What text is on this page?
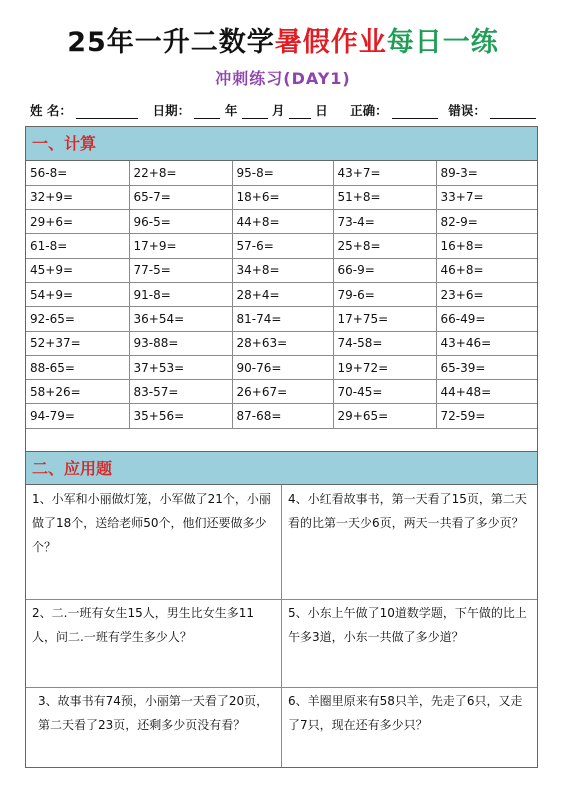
25年一升二数学暑假作业每日一练
冲刺练习(DAY1)
姓 名：	日期：	年	月 日 正确：	错误：
一、计算
56-8=	22+8=	95-8=	43+7=	89-3=
32+9=	65-7=	18+6=	51+8=	33+7=
29+6=	96-5=	44+8=	73-4=	82-9=
61-8=	17+9=	57-6=	25+8=	16+8=
45+9=	77-5=	34+8=	66-9=	46+8=
54+9=	91-8=	28+4=	79-6=	23+6=
92-65=	36+54=	81-74=	17+75=	66-49=
52+37=	93-88=	28+63=	74-58=	43+46=
88-65=	37+53=	90-76=	19+72=	65-39=
58+26=	83-57=	26+67=	70-45=	44+48=
94-79=	35+56=	87-68=	29+65=	72-59=
二、应用题
1、小军和小丽做灯笼，小军做了21个，小丽做了18个，送给老师50个，他们还要做多少个？
4、小红看故事书，第一天看了15页，第二天看的比第一天少6页，两天一共看了多少页？
2、二.一班有女生15人，男生比女生多11人，问二.一班有学生多少人？
5、小东上午做了10道数学题，下午做的比上午多3道，小东一共做了多少道？
3、故事书有74预，小丽第一天看了20页，第二天看了23页，还剩多少页没有看？
6、羊圈里原来有58只羊，先走了6只，又走了7只，现在还有多少只？
